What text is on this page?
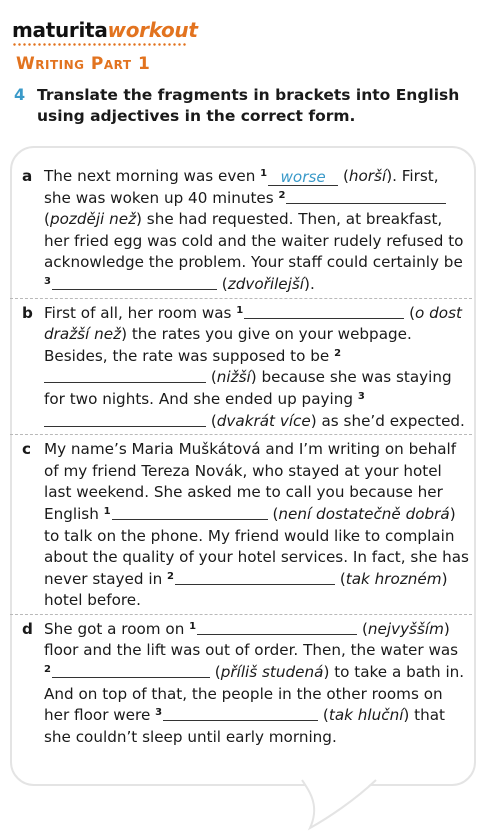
maturitaworkout
Writing Part 1
4 Translate the fragments in brackets into English using adjectives in the correct form.
a The next morning was even $^1$ worse (horší). First, she was woken up 40 minutes $^2$ (později než) she had requested. Then, at breakfast, her fried egg was cold and the waiter rudely refused to acknowledge the problem. Your staff could certainly be $^3$	(zdvořilejší).

b First of all, her room was $^1$	(o dost dražší než) the rates you give on your webpage. Besides, the rate was supposed to be $^2$ (nižší) because she was staying for two nights. And she ended up paying $^3$ (dvakrát více) as she’d expected.

c My name’s Maria Muškátová and I’m writing on behalf of my friend Tereza Novák, who stayed at your hotel last weekend. She asked me to call you because her English $^1$	(není dostatečně dobrá) to talk on the phone. My friend would like to complain about the quality of your hotel services. In fact, she has never stayed in $^2$	(tak hrozném) hotel before.

d She got a room on $^1$	(nejvyšším) floor and the lift was out of order. Then, the water was $^2$	(příliš studená) to take a bath in. And on top of that, the people in the other rooms on her floor were $^3$	(tak hluční) that she couldn’t sleep until early morning.
